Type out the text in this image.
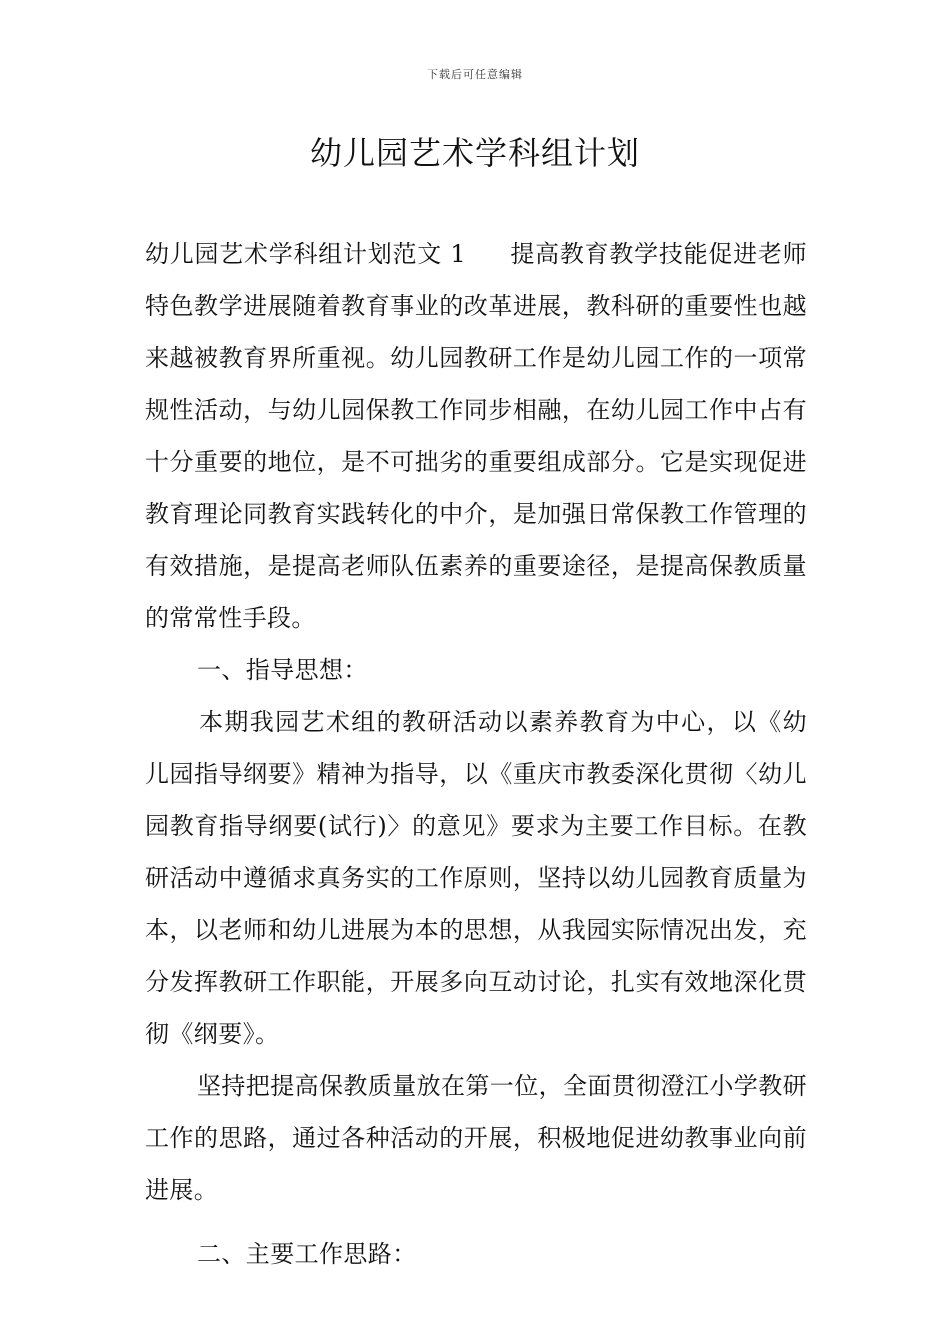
下载后可任意编辑
幼儿园艺术学科组计划

幼儿园艺术学科组计划范文 1 提高教育教学技能促进老师特色教学进展随着教育事业的改革进展，教科研的重要性也越来越被教育界所重视。幼儿园教研工作是幼儿园工作的一项常规性活动，与幼儿园保教工作同步相融，在幼儿园工作中占有十分重要的地位，是不可拙劣的重要组成部分。它是实现促进教育理论同教育实践转化的中介，是加强日常保教工作管理的有效措施，是提高老师队伍素养的重要途径，是提高保教质量的常常性手段。

一、指导思想：

本期我园艺术组的教研活动以素养教育为中心，以《幼儿园指导纲要》精神为指导，以《重庆市教委深化贯彻〈幼儿园教育指导纲要(试行)〉的意见》要求为主要工作目标。在教研活动中遵循求真务实的工作原则，坚持以幼儿园教育质量为本，以老师和幼儿进展为本的思想，从我园实际情况出发，充分发挥教研工作职能，开展多向互动讨论，扎实有效地深化贯彻《纲要》。

坚持把提高保教质量放在第一位，全面贯彻澄江小学教研工作的思路，通过各种活动的开展，积极地促进幼教事业向前进展。

二、主要工作思路：
